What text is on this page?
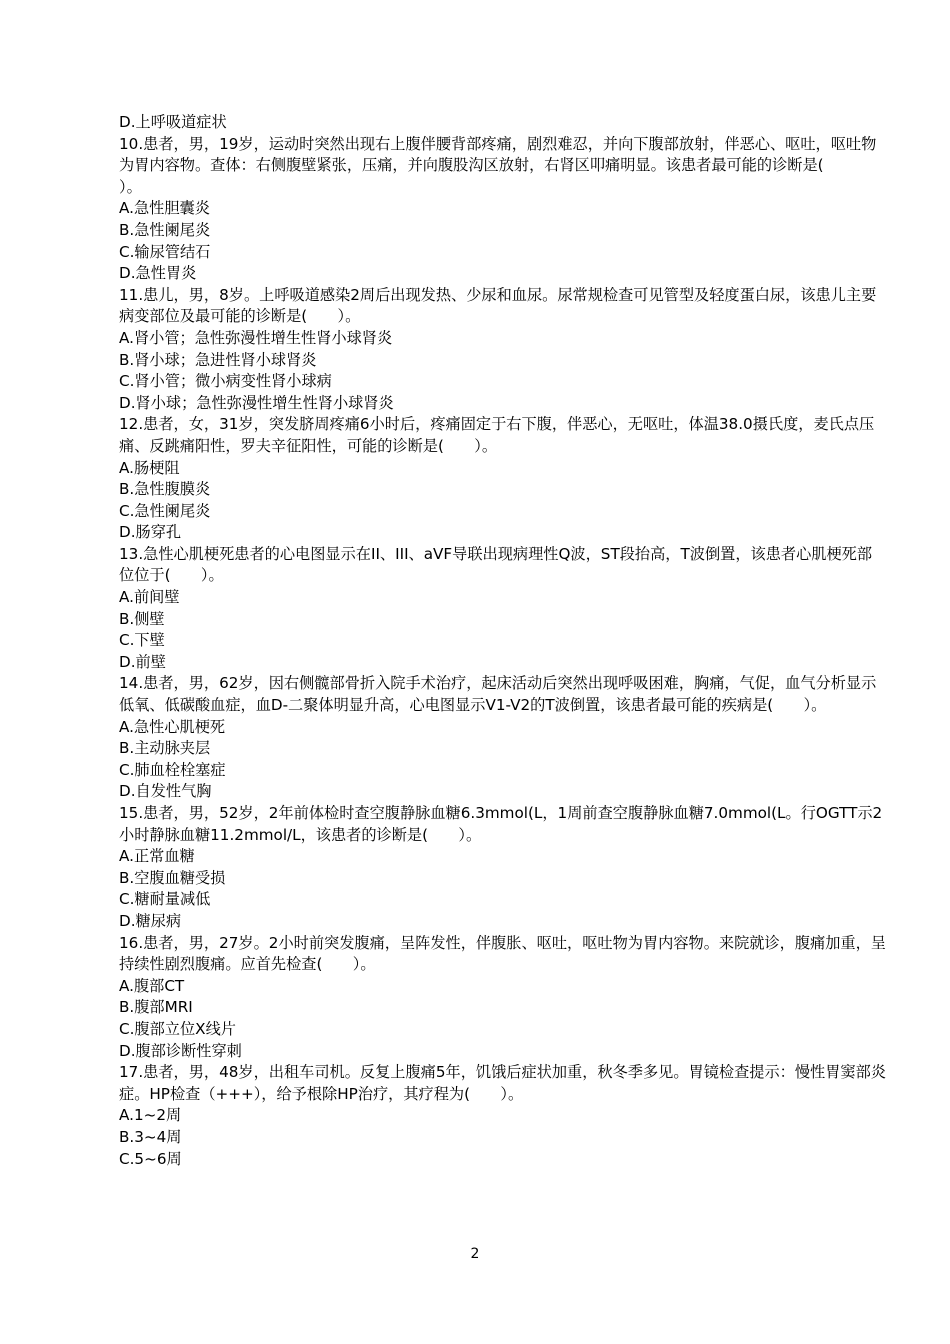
D.上呼吸道症状
10.患者，男，19岁，运动时突然出现右上腹伴腰背部疼痛，剧烈难忍，并向下腹部放射，伴恶心、呕吐，呕吐物为胃内容物。查体：右侧腹壁紧张，压痛，并向腹股沟区放射，右肾区叩痛明显。该患者最可能的诊断是(
）。
A.急性胆囊炎
B.急性阑尾炎
C.输尿管结石
D.急性胃炎
11.患儿，男，8岁。上呼吸道感染2周后出现发热、少尿和血尿。尿常规检查可见管型及轻度蛋白尿，该患儿主要病变部位及最可能的诊断是(　　）。
A.肾小管；急性弥漫性增生性肾小球肾炎
B.肾小球；急进性肾小球肾炎
C.肾小管；微小病变性肾小球病
D.肾小球；急性弥漫性增生性肾小球肾炎
12.患者，女，31岁，突发脐周疼痛6小时后，疼痛固定于右下腹，伴恶心，无呕吐，体温38.0摄氏度，麦氏点压痛、反跳痛阳性，罗夫辛征阳性，可能的诊断是(　　）。
A.肠梗阻
B.急性腹膜炎
C.急性阑尾炎
D.肠穿孔
13.急性心肌梗死患者的心电图显示在II、III、aVF导联出现病理性Q波，ST段抬高，T波倒置，该患者心肌梗死部位位于(　　）。
A.前间壁
B.侧壁
C.下壁
D.前壁
14.患者，男，62岁，因右侧髋部骨折入院手术治疗，起床活动后突然出现呼吸困难，胸痛，气促，血气分析显示低氧、低碳酸血症，血D-二聚体明显升高，心电图显示V1-V2的T波倒置，该患者最可能的疾病是(　　）。
A.急性心肌梗死
B.主动脉夹层
C.肺血栓栓塞症
D.自发性气胸
15.患者，男，52岁，2年前体检时查空腹静脉血糖6.3mmol(L，1周前查空腹静脉血糖7.0mmol(L。行OGTT示2小时静脉血糖11.2mmol/L，该患者的诊断是(　　）。
A.正常血糖
B.空腹血糖受损
C.糖耐量减低
D.糖尿病
16.患者，男，27岁。2小时前突发腹痛，呈阵发性，伴腹胀、呕吐，呕吐物为胃内容物。来院就诊，腹痛加重，呈持续性剧烈腹痛。应首先检查(　　）。
A.腹部CT
B.腹部MRI
C.腹部立位X线片
D.腹部诊断性穿刺
17.患者，男，48岁，出租车司机。反复上腹痛5年，饥饿后症状加重，秋冬季多见。胃镜检查提示：慢性胃窦部炎症。HP检查（+++），给予根除HP治疗，其疗程为(　　）。
A.1~2周
B.3~4周
C.5~6周
2
